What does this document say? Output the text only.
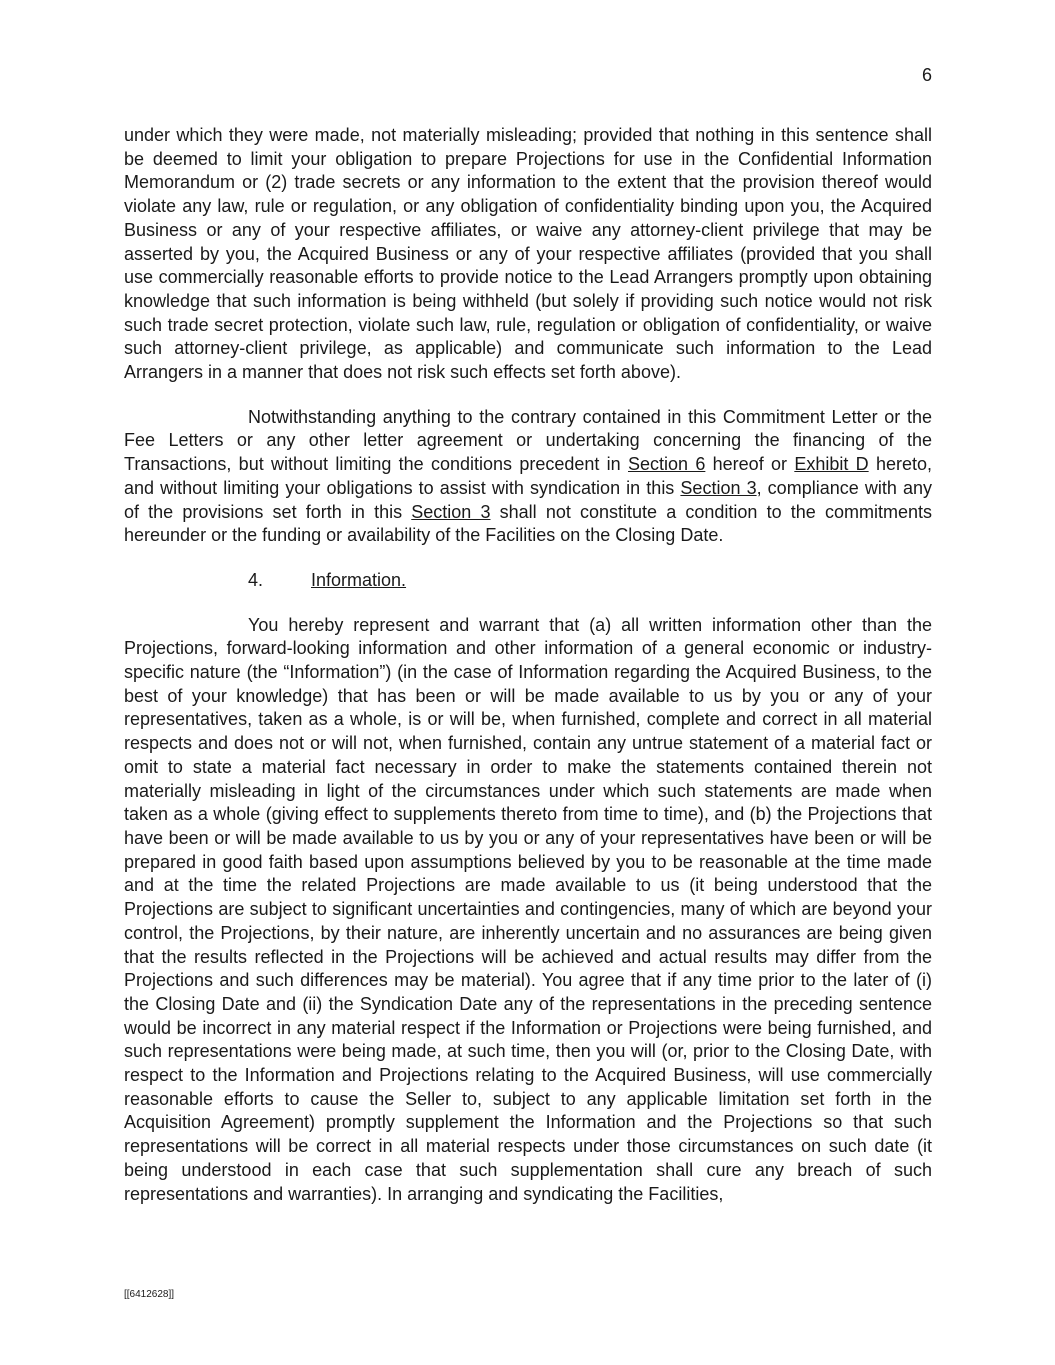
6

under which they were made, not materially misleading; provided that nothing in this sentence shall be deemed to limit your obligation to prepare Projections for use in the Confidential Information Memorandum or (2) trade secrets or any information to the extent that the provision thereof would violate any law, rule or regulation, or any obligation of confidentiality binding upon you, the Acquired Business or any of your respective affiliates, or waive any attorney-client privilege that may be asserted by you, the Acquired Business or any of your respective affiliates (provided that you shall use commercially reasonable efforts to provide notice to the Lead Arrangers promptly upon obtaining knowledge that such information is being withheld (but solely if providing such notice would not risk such trade secret protection, violate such law, rule, regulation or obligation of confidentiality, or waive such attorney-client privilege, as applicable) and communicate such information to the Lead Arrangers in a manner that does not risk such effects set forth above).

Notwithstanding anything to the contrary contained in this Commitment Letter or the Fee Letters or any other letter agreement or undertaking concerning the financing of the Transactions, but without limiting the conditions precedent in Section 6 hereof or Exhibit D hereto, and without limiting your obligations to assist with syndication in this Section 3, compliance with any of the provisions set forth in this Section 3 shall not constitute a condition to the commitments hereunder or the funding or availability of the Facilities on the Closing Date.

4.	Information.

You hereby represent and warrant that (a) all written information other than the Projections, forward-looking information and other information of a general economic or industry-specific nature (the “Information”) (in the case of Information regarding the Acquired Business, to the best of your knowledge) that has been or will be made available to us by you or any of your representatives, taken as a whole, is or will be, when furnished, complete and correct in all material respects and does not or will not, when furnished, contain any untrue statement of a material fact or omit to state a material fact necessary in order to make the statements contained therein not materially misleading in light of the circumstances under which such statements are made when taken as a whole (giving effect to supplements thereto from time to time), and (b) the Projections that have been or will be made available to us by you or any of your representatives have been or will be prepared in good faith based upon assumptions believed by you to be reasonable at the time made and at the time the related Projections are made available to us (it being understood that the Projections are subject to significant uncertainties and contingencies, many of which are beyond your control, the Projections, by their nature, are inherently uncertain and no assurances are being given that the results reflected in the Projections will be achieved and actual results may differ from the Projections and such differences may be material). You agree that if any time prior to the later of (i) the Closing Date and (ii) the Syndication Date any of the representations in the preceding sentence would be incorrect in any material respect if the Information or Projections were being furnished, and such representations were being made, at such time, then you will (or, prior to the Closing Date, with respect to the Information and Projections relating to the Acquired Business, will use commercially reasonable efforts to cause the Seller to, subject to any applicable limitation set forth in the Acquisition Agreement) promptly supplement the Information and the Projections so that such representations will be correct in all material respects under those circumstances on such date (it being understood in each case that such supplementation shall cure any breach of such representations and warranties). In arranging and syndicating the Facilities,

[[6412628]]
